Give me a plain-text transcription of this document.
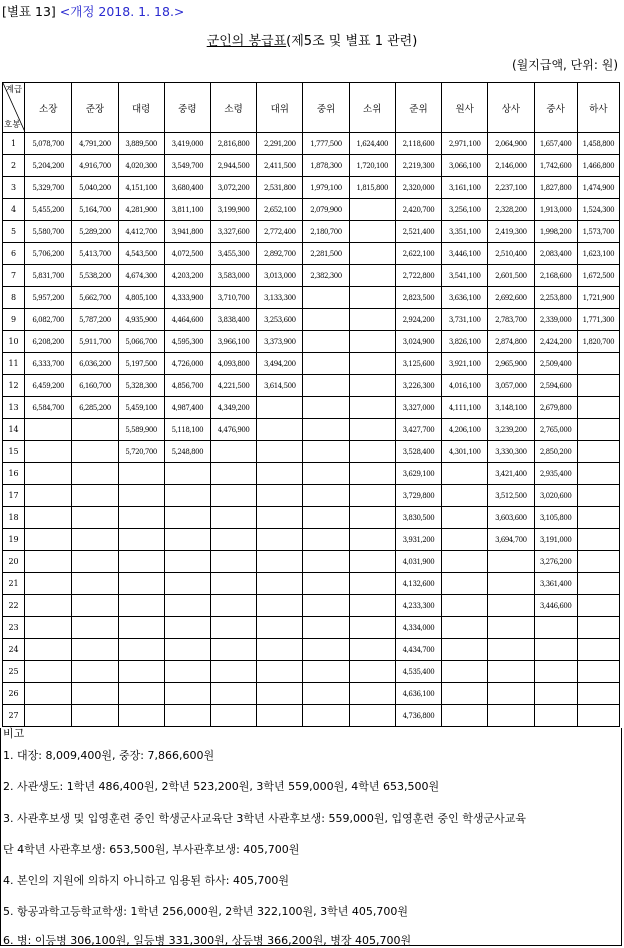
[별표 13] <개정 2018. 1. 18.>
군인의 봉급표(제5조 및 별표 1 관련)
(월지급액, 단위: 원)
계급
호봉	소장	준장	대령	중령	소령	대위	중위	소위	준위	원사	상사	중사	하사
1	5,078,700	4,791,200	3,889,500	3,419,000	2,816,800	2,291,200	1,777,500	1,624,400	2,118,600	2,971,100	2,064,900	1,657,400	1,458,800
2	5,204,200	4,916,700	4,020,300	3,549,700	2,944,500	2,411,500	1,878,300	1,720,100	2,219,300	3,066,100	2,146,000	1,742,600	1,466,800
3	5,329,700	5,040,200	4,151,100	3,680,400	3,072,200	2,531,800	1,979,100	1,815,800	2,320,000	3,161,100	2,237,100	1,827,800	1,474,900
4	5,455,200	5,164,700	4,281,900	3,811,100	3,199,900	2,652,100	2,079,900		2,420,700	3,256,100	2,328,200	1,913,000	1,524,300
5	5,580,700	5,289,200	4,412,700	3,941,800	3,327,600	2,772,400	2,180,700		2,521,400	3,351,100	2,419,300	1,998,200	1,573,700
6	5,706,200	5,413,700	4,543,500	4,072,500	3,455,300	2,892,700	2,281,500		2,622,100	3,446,100	2,510,400	2,083,400	1,623,100
7	5,831,700	5,538,200	4,674,300	4,203,200	3,583,000	3,013,000	2,382,300		2,722,800	3,541,100	2,601,500	2,168,600	1,672,500
8	5,957,200	5,662,700	4,805,100	4,333,900	3,710,700	3,133,300			2,823,500	3,636,100	2,692,600	2,253,800	1,721,900
9	6,082,700	5,787,200	4,935,900	4,464,600	3,838,400	3,253,600			2,924,200	3,731,100	2,783,700	2,339,000	1,771,300
10	6,208,200	5,911,700	5,066,700	4,595,300	3,966,100	3,373,900			3,024,900	3,826,100	2,874,800	2,424,200	1,820,700
11	6,333,700	6,036,200	5,197,500	4,726,000	4,093,800	3,494,200			3,125,600	3,921,100	2,965,900	2,509,400	
12	6,459,200	6,160,700	5,328,300	4,856,700	4,221,500	3,614,500			3,226,300	4,016,100	3,057,000	2,594,600	
13	6,584,700	6,285,200	5,459,100	4,987,400	4,349,200				3,327,000	4,111,100	3,148,100	2,679,800	
14			5,589,900	5,118,100	4,476,900				3,427,700	4,206,100	3,239,200	2,765,000	
15			5,720,700	5,248,800					3,528,400	4,301,100	3,330,300	2,850,200	
16									3,629,100		3,421,400	2,935,400	
17									3,729,800		3,512,500	3,020,600	
18									3,830,500		3,603,600	3,105,800	
19									3,931,200		3,694,700	3,191,000	
20									4,031,900			3,276,200	
21									4,132,600			3,361,400	
22									4,233,300			3,446,600	
23									4,334,000				
24									4,434,700				
25									4,535,400				
26									4,636,100				
27									4,736,800				
비고
1. 대장: 8,009,400원, 중장: 7,866,600원
2. 사관생도: 1학년 486,400원, 2학년 523,200원, 3학년 559,000원, 4학년 653,500원
3. 사관후보생 및 입영훈련 중인 학생군사교육단 3학년 사관후보생: 559,000원, 입영훈련 중인 학생군사교육
단 4학년 사관후보생: 653,500원, 부사관후보생: 405,700원
4. 본인의 지원에 의하지 아니하고 임용된 하사: 405,700원
5. 항공과학고등학교학생: 1학년 256,000원, 2학년 322,100원, 3학년 405,700원
6. 병: 이등병 306,100원, 일등병 331,300원, 상등병 366,200원, 병장 405,700원
